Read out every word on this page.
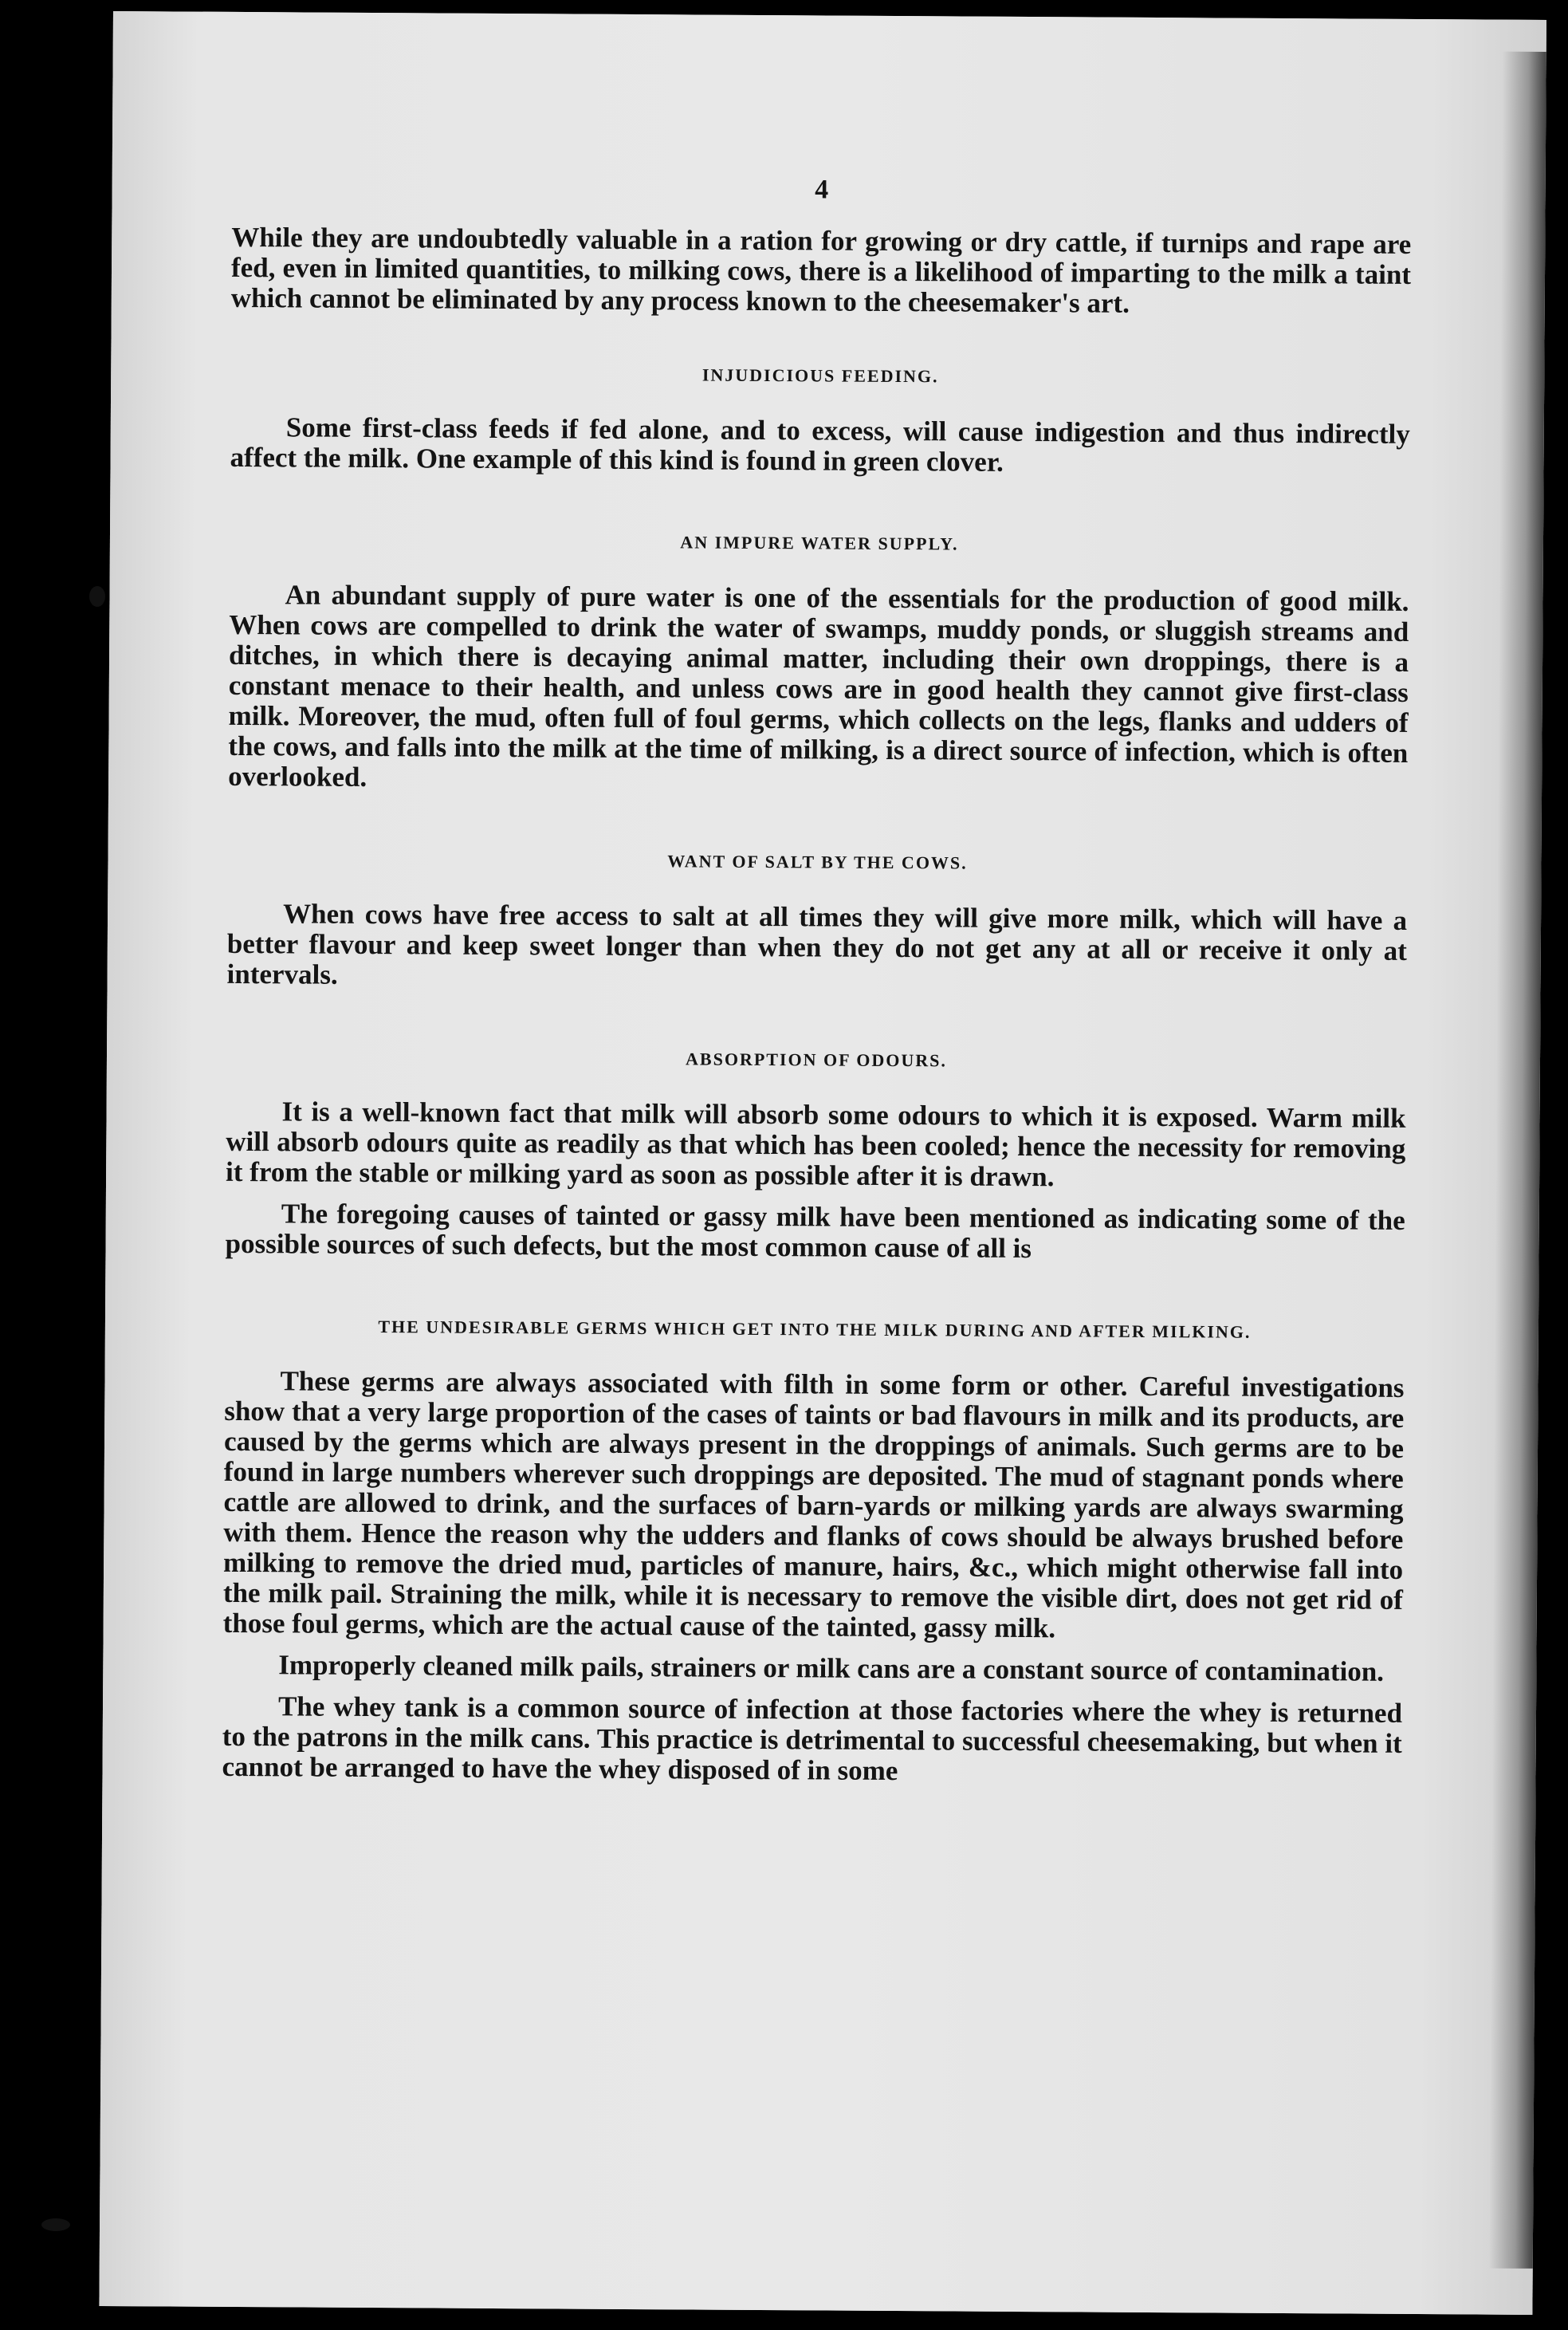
4

While they are undoubtedly valuable in a ration for growing or dry cattle, if turnips and rape are fed, even in limited quantities, to milking cows, there is a likelihood of imparting to the milk a taint which cannot be eliminated by any process known to the cheesemaker's art.

INJUDICIOUS FEEDING.

Some first-class feeds if fed alone, and to excess, will cause indigestion and thus indirectly affect the milk. One example of this kind is found in green clover.

AN IMPURE WATER SUPPLY.

An abundant supply of pure water is one of the essentials for the production of good milk. When cows are compelled to drink the water of swamps, muddy ponds, or sluggish streams and ditches, in which there is decaying animal matter, including their own droppings, there is a constant menace to their health, and unless cows are in good health they cannot give first-class milk. Moreover, the mud, often full of foul germs, which collects on the legs, flanks and udders of the cows, and falls into the milk at the time of milking, is a direct source of infection, which is often overlooked.

WANT OF SALT BY THE COWS.

When cows have free access to salt at all times they will give more milk, which will have a better flavour and keep sweet longer than when they do not get any at all or receive it only at intervals.

ABSORPTION OF ODOURS.

It is a well-known fact that milk will absorb some odours to which it is exposed. Warm milk will absorb odours quite as readily as that which has been cooled; hence the necessity for removing it from the stable or milking yard as soon as possible after it is drawn.

The foregoing causes of tainted or gassy milk have been mentioned as indicating some of the possible sources of such defects, but the most common cause of all is

THE UNDESIRABLE GERMS WHICH GET INTO THE MILK DURING AND AFTER MILKING.

These germs are always associated with filth in some form or other. Careful investigations show that a very large proportion of the cases of taints or bad flavours in milk and its products, are caused by the germs which are always present in the droppings of animals. Such germs are to be found in large numbers wherever such droppings are deposited. The mud of stagnant ponds where cattle are allowed to drink, and the surfaces of barn-yards or milking yards are always swarming with them. Hence the reason why the udders and flanks of cows should be always brushed before milking to remove the dried mud, particles of manure, hairs, &c., which might otherwise fall into the milk pail. Straining the milk, while it is necessary to remove the visible dirt, does not get rid of those foul germs, which are the actual cause of the tainted, gassy milk.

Improperly cleaned milk pails, strainers or milk cans are a constant source of contamination.

The whey tank is a common source of infection at those factories where the whey is returned to the patrons in the milk cans. This practice is detrimental to successful cheesemaking, but when it cannot be arranged to have the whey disposed of in some
